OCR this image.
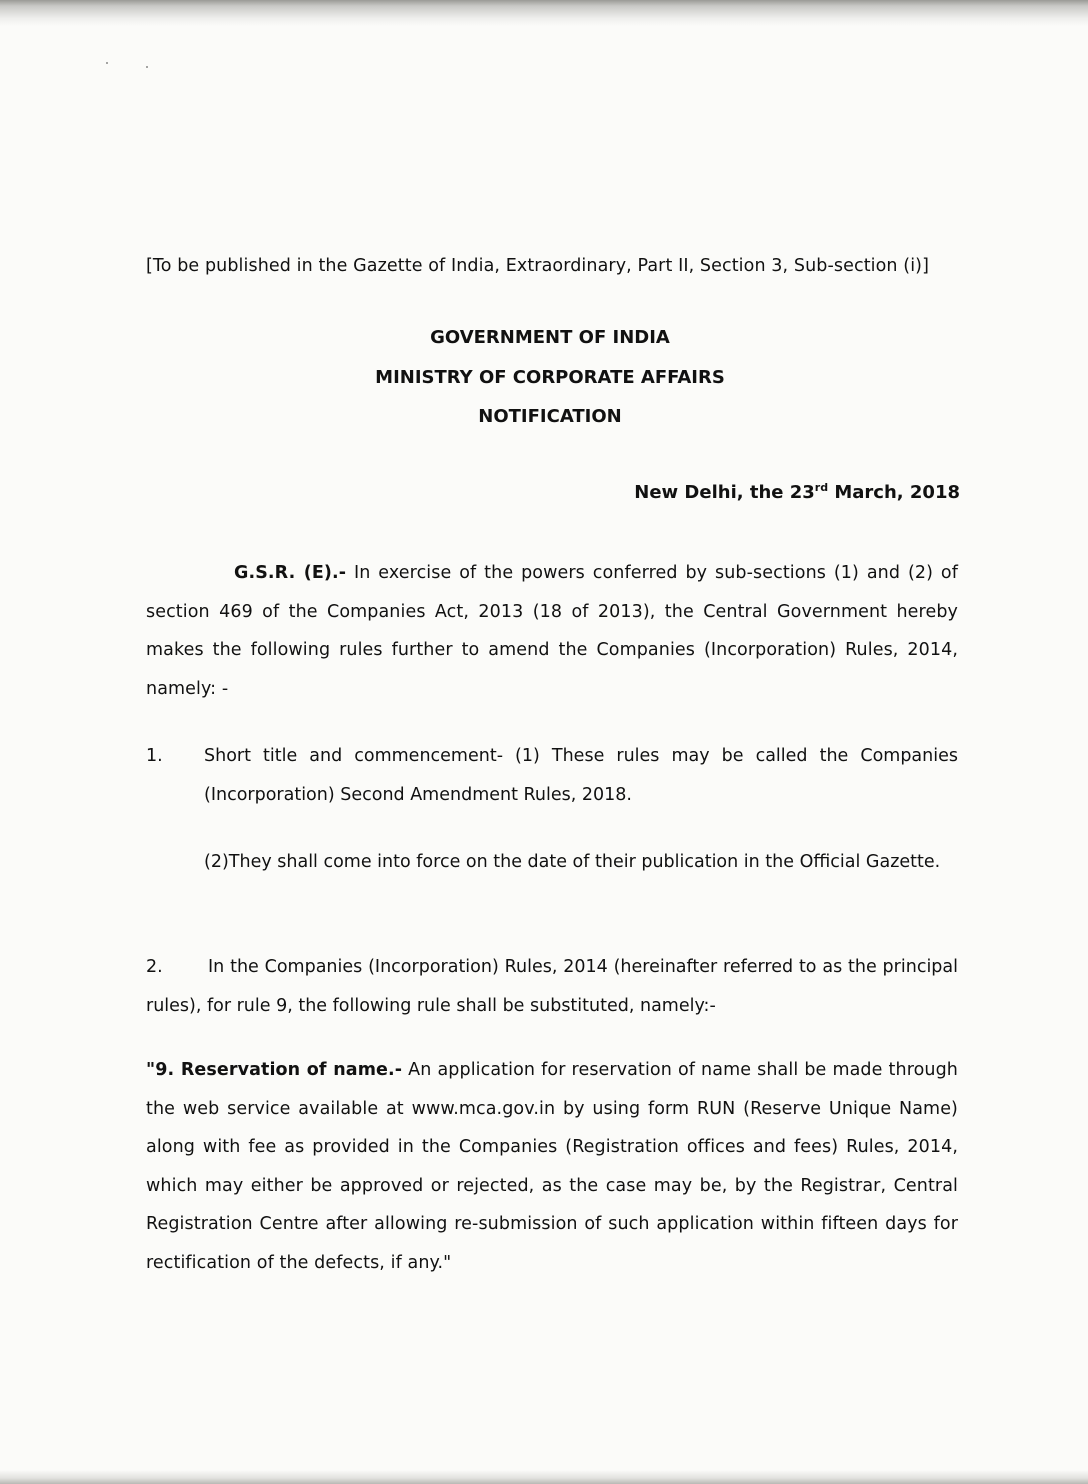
[To be published in the Gazette of India, Extraordinary, Part II, Section 3, Sub-section (i)]
GOVERNMENT OF INDIA
MINISTRY OF CORPORATE AFFAIRS
NOTIFICATION
New Delhi, the 23rd March, 2018
G.S.R. (E).- In exercise of the powers conferred by sub-sections (1) and (2) of section 469 of the Companies Act, 2013 (18 of 2013), the Central Government hereby makes the following rules further to amend the Companies (Incorporation) Rules, 2014, namely: -
1. Short title and commencement- (1) These rules may be called the Companies (Incorporation) Second Amendment Rules, 2018.
(2)They shall come into force on the date of their publication in the Official Gazette.
2.	In the Companies (Incorporation) Rules, 2014 (hereinafter referred to as the principal rules), for rule 9, the following rule shall be substituted, namely:-
"9. Reservation of name.- An application for reservation of name shall be made through the web service available at www.mca.gov.in by using form RUN (Reserve Unique Name) along with fee as provided in the Companies (Registration offices and fees) Rules, 2014, which may either be approved or rejected, as the case may be, by the Registrar, Central Registration Centre after allowing re-submission of such application within fifteen days for rectification of the defects, if any."
